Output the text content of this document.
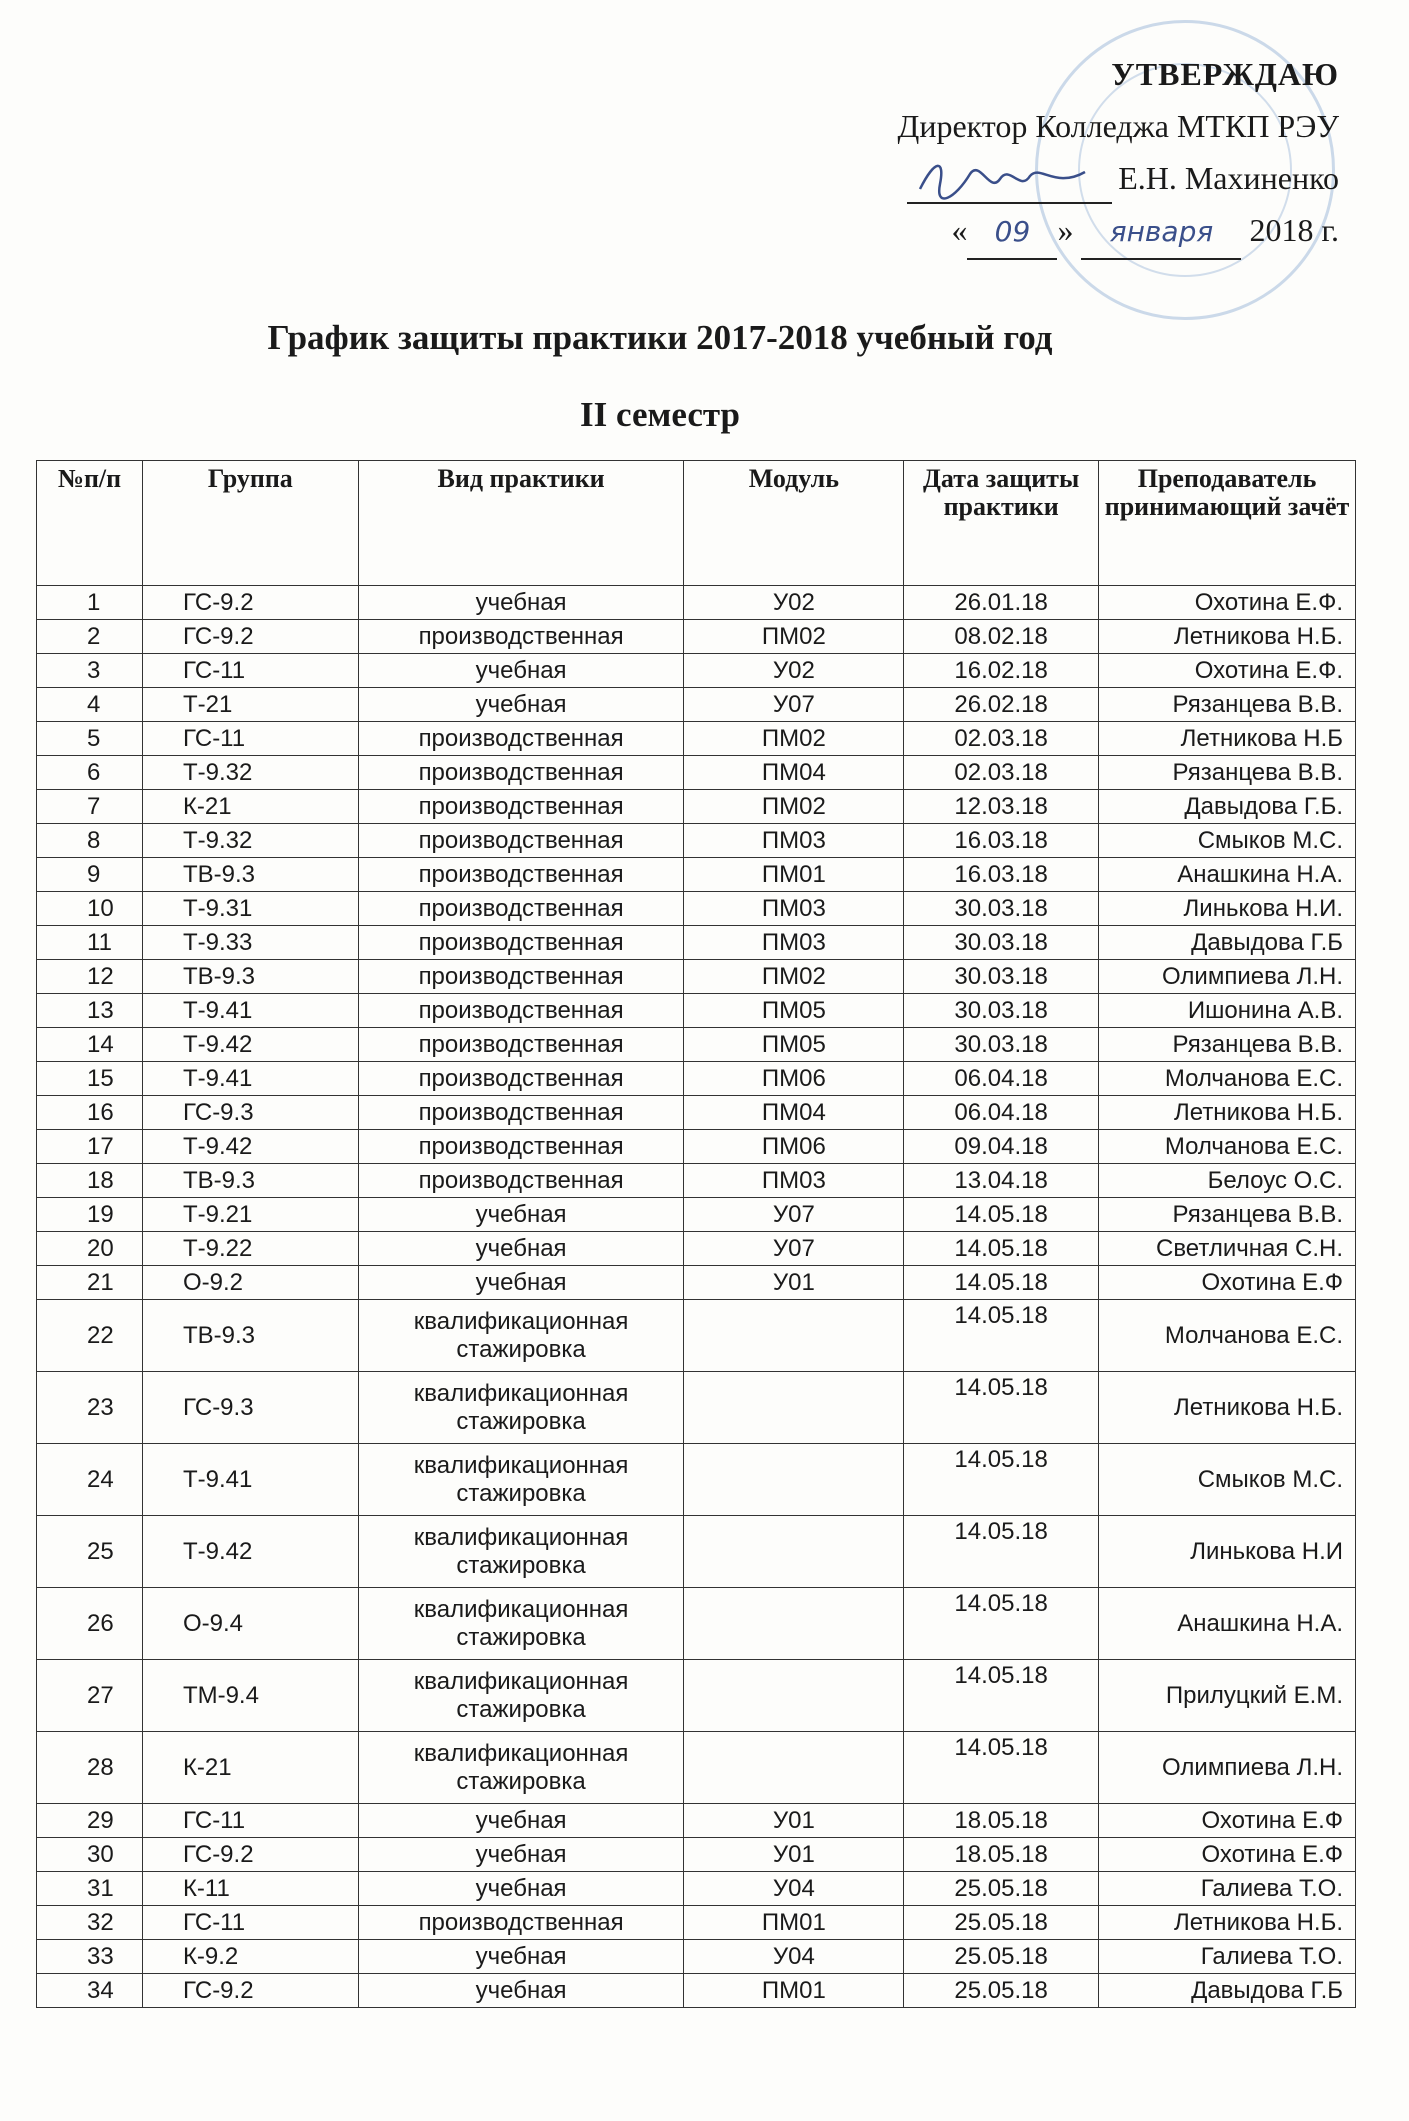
УТВЕРЖДАЮ
Директор Колледжа МТКП РЭУ
Е.Н. Махиненко
« 09 » января 2018 г.
График защиты практики 2017-2018 учебный год
II семестр
№п/п	Группа	Вид практики	Модуль	Дата защиты практики	Преподаватель принимающий зачёт
1	ГС-9.2	учебная	У02	26.01.18	Охотина Е.Ф.
2	ГС-9.2	производственная	ПМ02	08.02.18	Летникова Н.Б.
3	ГС-11	учебная	У02	16.02.18	Охотина Е.Ф.
4	Т-21	учебная	У07	26.02.18	Рязанцева В.В.
5	ГС-11	производственная	ПМ02	02.03.18	Летникова Н.Б
6	Т-9.32	производственная	ПМ04	02.03.18	Рязанцева В.В.
7	К-21	производственная	ПМ02	12.03.18	Давыдова Г.Б.
8	Т-9.32	производственная	ПМ03	16.03.18	Смыков М.С.
9	ТВ-9.3	производственная	ПМ01	16.03.18	Анашкина Н.А.
10	Т-9.31	производственная	ПМ03	30.03.18	Линькова Н.И.
11	Т-9.33	производственная	ПМ03	30.03.18	Давыдова Г.Б
12	ТВ-9.3	производственная	ПМ02	30.03.18	Олимпиева Л.Н.
13	Т-9.41	производственная	ПМ05	30.03.18	Ишонина А.В.
14	Т-9.42	производственная	ПМ05	30.03.18	Рязанцева В.В.
15	Т-9.41	производственная	ПМ06	06.04.18	Молчанова Е.С.
16	ГС-9.3	производственная	ПМ04	06.04.18	Летникова Н.Б.
17	Т-9.42	производственная	ПМ06	09.04.18	Молчанова Е.С.
18	ТВ-9.3	производственная	ПМ03	13.04.18	Белоус О.С.
19	Т-9.21	учебная	У07	14.05.18	Рязанцева В.В.
20	Т-9.22	учебная	У07	14.05.18	Светличная С.Н.
21	О-9.2	учебная	У01	14.05.18	Охотина Е.Ф
22	ТВ-9.3	квалификационная стажировка		14.05.18	Молчанова Е.С.
23	ГС-9.3	квалификационная стажировка		14.05.18	Летникова Н.Б.
24	Т-9.41	квалификационная стажировка		14.05.18	Смыков М.С.
25	Т-9.42	квалификационная стажировка		14.05.18	Линькова Н.И
26	О-9.4	квалификационная стажировка		14.05.18	Анашкина Н.А.
27	ТМ-9.4	квалификационная стажировка		14.05.18	Прилуцкий Е.М.
28	К-21	квалификационная стажировка		14.05.18	Олимпиева Л.Н.
29	ГС-11	учебная	У01	18.05.18	Охотина Е.Ф
30	ГС-9.2	учебная	У01	18.05.18	Охотина Е.Ф
31	К-11	учебная	У04	25.05.18	Галиева Т.О.
32	ГС-11	производственная	ПМ01	25.05.18	Летникова Н.Б.
33	К-9.2	учебная	У04	25.05.18	Галиева Т.О.
34	ГС-9.2	учебная	ПМ01	25.05.18	Давыдова Г.Б
